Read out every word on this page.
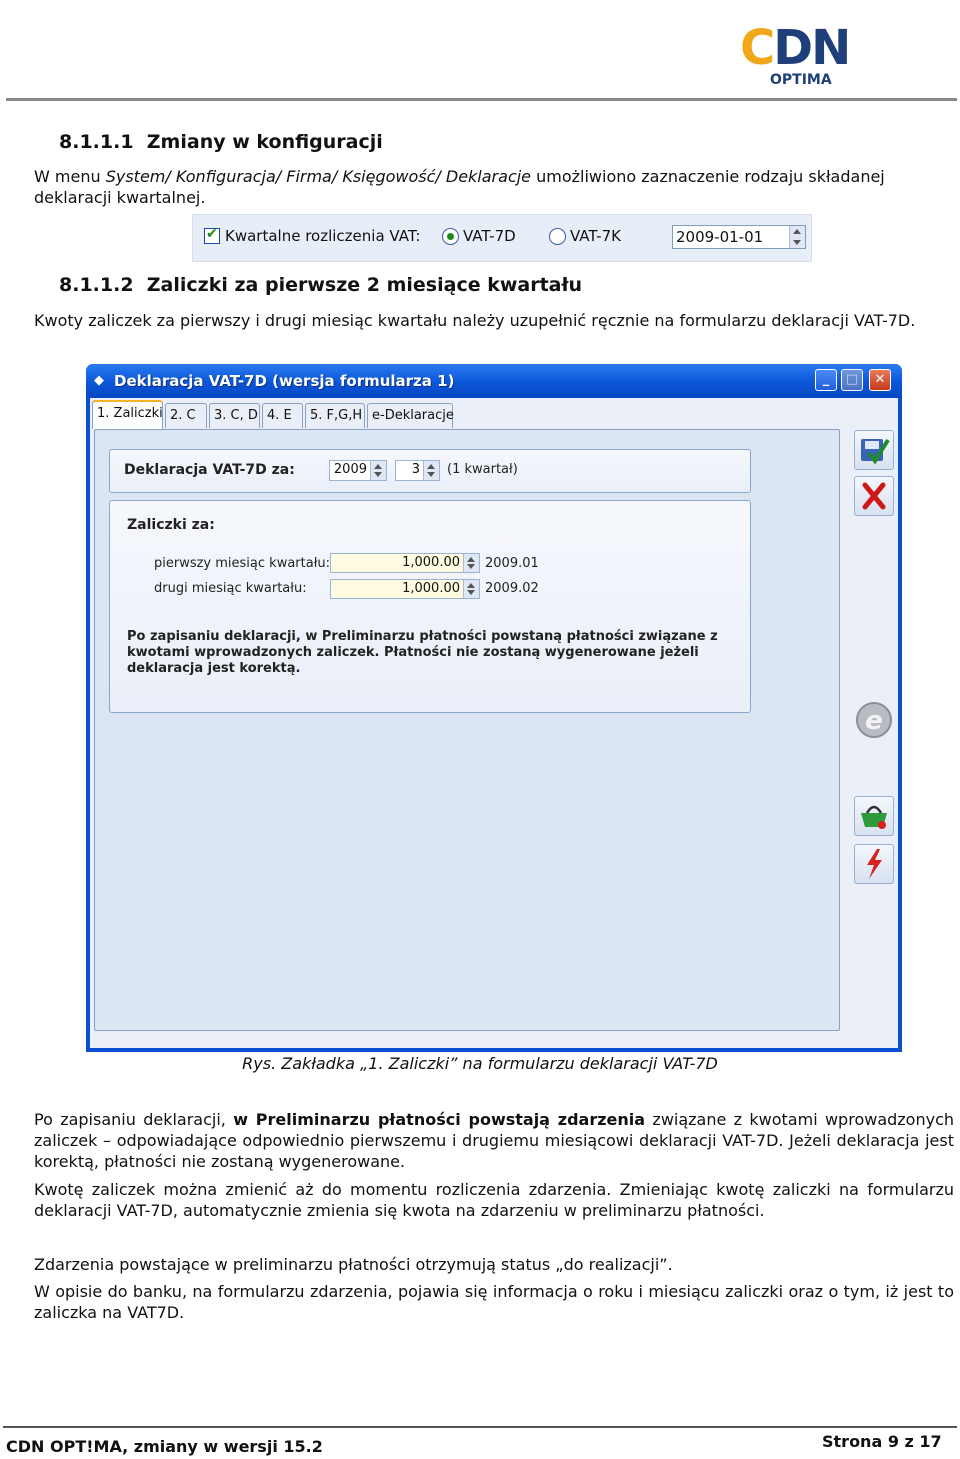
CDN
OPTIMA
8.1.1.1 Zmiany w konfiguracji
W menu System/ Konfiguracja/ Firma/ Księgowość/ Deklaracje umożliwiono zaznaczenie rodzaju składanej deklaracji kwartalnej.
✔ Kwartalne rozliczenia VAT:	VAT-7D	VAT-7K	2009-01-01
8.1.1.2 Zaliczki za pierwsze 2 miesiące kwartału
Kwoty zaliczek za pierwszy i drugi miesiąc kwartału należy uzupełnić ręcznie na formularzu deklaracji VAT-7D.
◆ Deklaracja VAT-7D (wersja formularza 1)	_	□	✕
1. Zaliczki 2. C	3. C, D 4. E	5. F,G,H e-Deklaracje
Deklaracja VAT-7D za:	2009	3	(1 kwartał)
Zaliczki za:
pierwszy miesiąc kwartału:	1,000.00	2009.01
drugi miesiąc kwartału:	1,000.00	2009.02
Po zapisaniu deklaracji, w Preliminarzu płatności powstaną płatności związane z kwotami wprowadzonych zaliczek. Płatności nie zostaną wygenerowane jeżeli deklaracja jest korektą.
e
Rys. Zakładka „1. Zaliczki” na formularzu deklaracji VAT-7D
Po zapisaniu deklaracji, w Preliminarzu płatności powstają zdarzenia związane z kwotami wprowadzonych zaliczek – odpowiadające odpowiednio pierwszemu i drugiemu miesiącowi deklaracji VAT-7D. Jeżeli deklaracja jest korektą, płatności nie zostaną wygenerowane.
Kwotę zaliczek można zmienić aż do momentu rozliczenia zdarzenia. Zmieniając kwotę zaliczki na formularzu deklaracji VAT-7D, automatycznie zmienia się kwota na zdarzeniu w preliminarzu płatności.
Zdarzenia powstające w preliminarzu płatności otrzymują status „do realizacji”.
W opisie do banku, na formularzu zdarzenia, pojawia się informacja o roku i miesiącu zaliczki oraz o tym, iż jest to zaliczka na VAT7D.
CDN OPT!MA, zmiany w wersji 15.2	Strona 9 z 17
